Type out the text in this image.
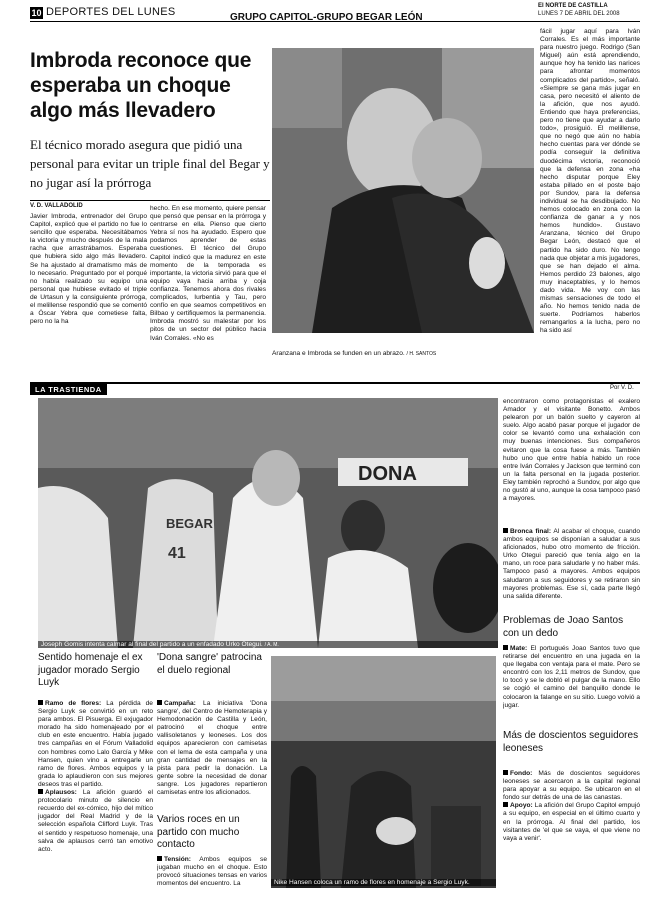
10 DEPORTES DEL LUNES	GRUPO CAPITOL-GRUPO BEGAR LEÓN
El NORTE DE CASTILLA
LUNES 7 DE ABRIL DEL 2008
Imbroda reconoce que esperaba un choque algo más llevadero
El técnico morado asegura que pidió una personal para evitar un triple final del Begar y no jugar así la prórroga
V. D. VALLADOLID
Javier Imbroda, entrenador del Grupo Capitol, explicó que el partido no fue lo sencillo que esperaba. Necesitábamos la victoria y mucho después de la mala racha que arrastrábamos. Esperaba que hubiera sido algo más llevadero. Se ha ajustado al dramatismo más de lo necesario. Preguntado por el porqué no había realizado su equipo una personal que hubiese evitado el triple de Urtasun y la consiguiente prórroga, el melillense respondió que se comentó a Óscar Yebra que cometiese falta, pero no la ha
hecho. En ese momento, quiere pensar que pensó que pensar en la prórroga y centrarse en ella. Pienso que cierto Yebra sí nos ha ayudado. Espero que podamos aprender de estas cuestiones. El técnico del Grupo Capitol indicó que la madurez en este momento de la temporada es importante, la victoria sirvió para que el equipo vaya hacia arriba y coja confianza. Tenemos ahora dos rivales complicados, Iurbentia y Tau, pero confío en que seamos competitivos en Bilbao y certifiquemos la permanencia. Imbroda mostró su malestar por los pitos de un sector del público hacia Iván Corrales. «No es
fácil jugar aquí para Iván Corrales. Es el más importante para nuestro juego. Rodrigo (San Miguel) aún está aprendiendo, aunque hoy ha tenido las narices para afrontar momentos complicados del partido», señaló. «Siempre se gana más jugar en casa, pero necesitó el aliento de la afición, que nos ayudó. Entiendo que haya preferencias, pero no tiene que ayudar a darlo todo», prosiguió. El melillense, que no negó que aún no había hecho cuentas para ver dónde se podía conseguir la definitiva duodécima victoria, reconoció que la defensa en zona «ha hecho disputar porque Eley estaba pillado en el poste bajo por Sundov, para la defensa individual se ha desdibujado. No hemos colocado en zona con la confianza de ganar a y nos hemos hundido». Gustavo Aranzana, técnico del Grupo Begar León, destacó que el partido ha sido duro. No tengo nada que objetar a mis jugadores, que se han dejado el alma. Hemos perdido 23 balones, algo muy inaceptables, y lo hemos dado vida. Me voy con las mismas sensaciones de todo el año. No hemos tenido nada de suerte. Podríamos haberlos remangarlos a la lucha, pero no ha sido así
Aranzana e Imbroda se funden en un abrazo. / H. SANTOS
LA TRASTIENDA	Por V. D.
DONA
BEGAR
41
Joseph Gomis intenta calmar al final del partido a un enfadado Urko Otegui. / A. M.
encontraron como protagonistas el exalero Amador y el visitante Bonetto. Ambos pelearon por un balón suelto y cayeron al suelo. Algo acabó pasar porque el jugador de color se levantó como una exhalación con muy buenas intenciones. Sus compañeros evitaron que la cosa fuese a más. También hubo uno que entre había habido un roce entre Iván Corrales y Jackson que terminó con un la falta personal en la jugada posterior. Eley también reprochó a Sundov, por algo que no gustó al uno, aunque la cosa tampoco pasó a mayores.
Bronca final: Al acabar el choque, cuando ambos equipos se disponían a saludar a sus aficionados, hubo otro momento de fricción. Urko Otegui pareció que tenía algo en la mano, un roce para saludarle y no haber más. Tampoco pasó a mayores. Ambos equipos saludaron a sus seguidores y se retiraron sin mayores problemas. Ese sí, cada parte llegó una salida diferente.
Sentido homenaje el ex jugador morado Sergio Luyk
Ramo de flores: La pérdida de Sergio Luyk se convirtió en un reto para ambos. El Pisuerga. El exjugador morado ha sido homenajeado por el club en este encuentro. Había jugado tres campañas en el Fórum Valladolid con hombres como Lalo García y Mike Hansen, quien vino a entregarle un ramo de flores. Ambos equipos y la grada lo aplaudieron con sus mejores deseos tras el partido.
Aplausos: La afición guardó el protocolario minuto de silencio en recuerdo del ex-cómico, hijo del mítico jugador del Real Madrid y de la selección española Clifford Luyk. Tras el sentido y respetuoso homenaje, una salva de aplausos cerró tan emotivo acto.
'Dona sangre' patrocina el duelo regional
Campaña: La iniciativa 'Dona sangre', del Centro de Hemoterapia y Hemodonación de Castilla y León, patrocinó el choque entre vallisoletanos y leoneses. Los dos equipos aparecieron con camisetas con el lema de esta campaña y una gran cantidad de mensajes en la pista para pedir la donación. La gente sobre la necesidad de donar sangre. Los jugadores repartieron camisetas entre los aficionados.
Varios roces en un partido con mucho contacto
Tensión: Ambos equipos se jugaban mucho en el choque. Esto provocó situaciones tensas en varios momentos del encuentro. La	Nike Hansen coloca un ramo de flores en homenaje a Sergio Luyk.
Problemas de Joao Santos con un dedo
Mate: El portugués Joao Santos tuvo que retirarse del encuentro en una jugada en la que llegaba con ventaja para el mate. Pero se encontró con los 2,11 metros de Sundov, que lo tocó y se le dobló el pulgar de la mano. Ello se cogió el camino del banquillo donde le colocaron la falange en su sitio. Luego volvió a jugar.
Más de doscientos seguidores leoneses
Fondo: Más de doscientos seguidores leoneses se acercaron a la capital regional para apoyar a su equipo. Se ubicaron en el fondo sur detrás de una de las canastas.
Apoyo: La afición del Grupo Capitol empujó a su equipo, en especial en el último cuarto y en la prórroga. Al final del partido, los visitantes de 'el que se vaya, el que viene no vaya a venir'.
